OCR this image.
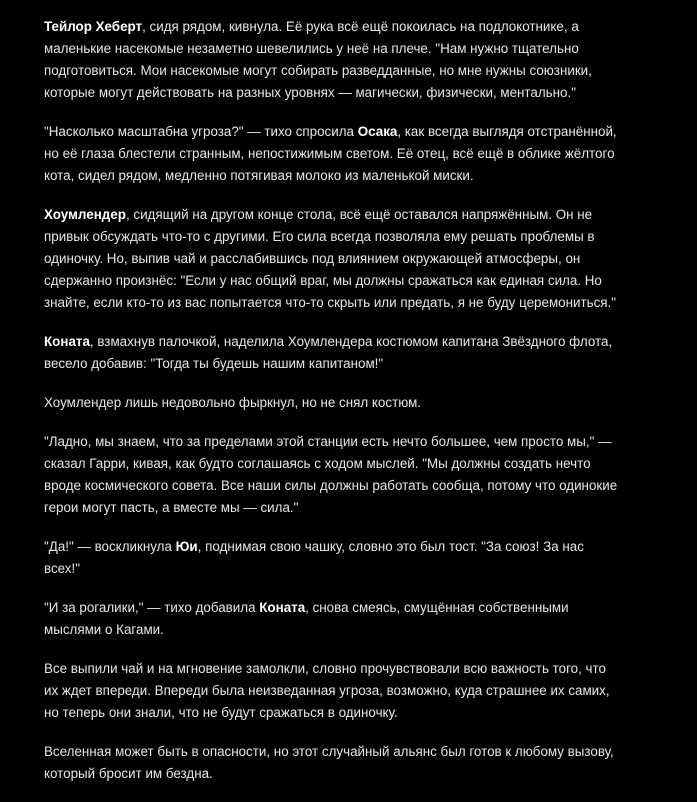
Тейлор Хеберт, сидя рядом, кивнула. Её рука всё ещё покоилась на подлокотнике, а маленькие насекомые незаметно шевелились у неё на плече. "Нам нужно тщательно подготовиться. Мои насекомые могут собирать разведданные, но мне нужны союзники, которые могут действовать на разных уровнях — магически, физически, ментально."

"Насколько масштабна угроза?" — тихо спросила Осака, как всегда выглядя отстранённой, но её глаза блестели странным, непостижимым светом. Её отец, всё ещё в облике жёлтого кота, сидел рядом, медленно потягивая молоко из маленькой миски.

Хоумлендер, сидящий на другом конце стола, всё ещё оставался напряжённым. Он не привык обсуждать что-то с другими. Его сила всегда позволяла ему решать проблемы в одиночку. Но, выпив чай и расслабившись под влиянием окружающей атмосферы, он сдержанно произнёс: "Если у нас общий враг, мы должны сражаться как единая сила. Но знайте, если кто-то из вас попытается что-то скрыть или предать, я не буду церемониться."

Коната, взмахнув палочкой, наделила Хоумлендера костюмом капитана Звёздного флота, весело добавив: "Тогда ты будешь нашим капитаном!"

Хоумлендер лишь недовольно фыркнул, но не снял костюм.

"Ладно, мы знаем, что за пределами этой станции есть нечто большее, чем просто мы," — сказал Гарри, кивая, как будто соглашаясь с ходом мыслей. "Мы должны создать нечто вроде космического совета. Все наши силы должны работать сообща, потому что одинокие герои могут пасть, а вместе мы — сила."

"Да!" — воскликнула Юи, поднимая свою чашку, словно это был тост. "За союз! За нас всех!"

"И за рогалики," — тихо добавила Коната, снова смеясь, смущённая собственными мыслями о Кагами.

Все выпили чай и на мгновение замолкли, словно прочувствовали всю важность того, что их ждет впереди. Впереди была неизведанная угроза, возможно, куда страшнее их самих, но теперь они знали, что не будут сражаться в одиночку.

Вселенная может быть в опасности, но этот случайный альянс был готов к любому вызову, который бросит им бездна.
